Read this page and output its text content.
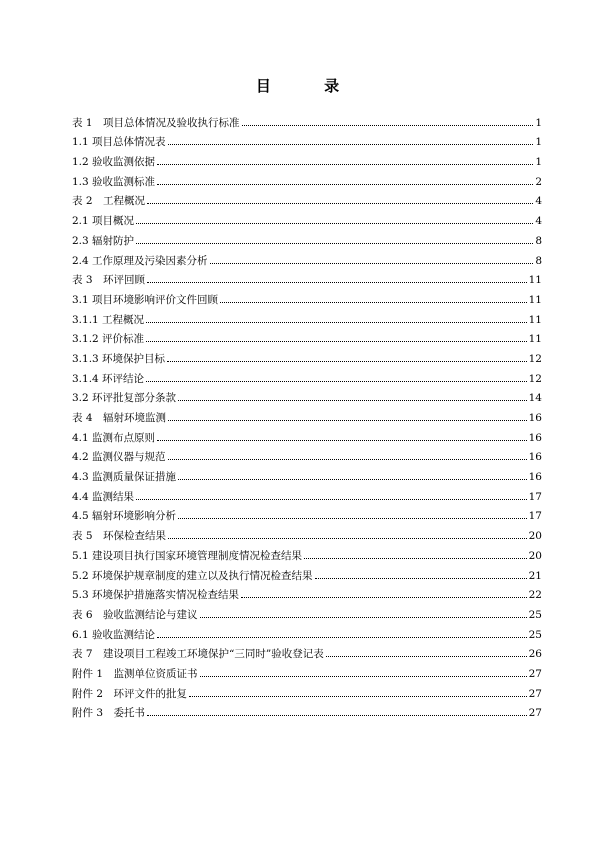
目 录
表 1　项目总体情况及验收执行标准	1
1.1 项目总体情况表	1
1.2 验收监测依据	1
1.3 验收监测标准	2
表 2　工程概况	4
2.1 项目概况	4
2.3 辐射防护	8
2.4 工作原理及污染因素分析	8
表 3　环评回顾	11
3.1 项目环境影响评价文件回顾	11
3.1.1 工程概况	11
3.1.2 评价标准	11
3.1.3 环境保护目标	12
3.1.4 环评结论	12
3.2 环评批复部分条款	14
表 4　辐射环境监测	16
4.1 监测布点原则	16
4.2 监测仪器与规范	16
4.3 监测质量保证措施	16
4.4 监测结果	17
4.5 辐射环境影响分析	17
表 5　环保检查结果	20
5.1 建设项目执行国家环境管理制度情况检查结果	20
5.2 环境保护规章制度的建立以及执行情况检查结果	21
5.3 环境保护措施落实情况检查结果	22
表 6　验收监测结论与建议	25
6.1 验收监测结论	25
表 7　建设项目工程竣工环境保护“三同时”验收登记表	26
附件 1　监测单位资质证书	27
附件 2　环评文件的批复	27
附件 3　委托书	27
